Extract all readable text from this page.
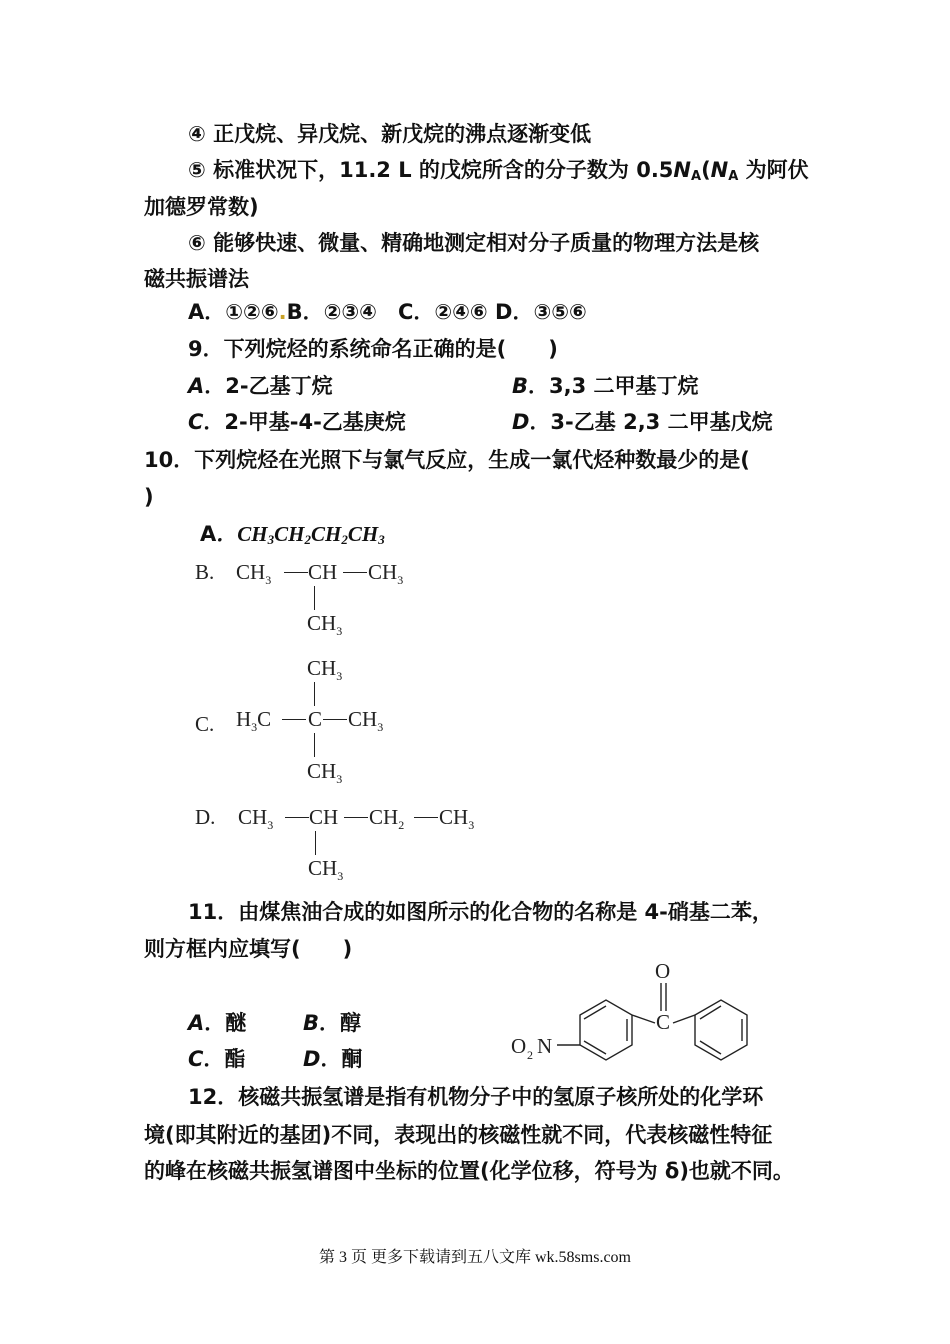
④ 正戊烷、异戊烷、新戊烷的沸点逐渐变低
⑤ 标准状况下，11.2 L 的戊烷所含的分子数为 $0.5N_A(N_A$ 为阿伏
加德罗常数)
⑥ 能够快速、微量、精确地测定相对分子质量的物理方法是核
磁共振谱法
A．①②⑥.B．②③④　 C．②④⑥ D．③⑤⑥
9．下列烷烃的系统命名正确的是(　　)
A．2-乙基丁烷	B．3,3 二甲基丁烷
C．2-甲基-4-乙基庚烷	D．3-乙基 2,3 二甲基戊烷
10．下列烷烃在光照下与氯气反应，生成一氯代烃种数最少的是(
)
A．$CH_3CH_2CH_2CH_3$
B. $CH_3$ CH $CH_3$
$CH_3$
$CH_3$
C. $H_3C$ C $CH_3$
$CH_3$
D. $CH_3$ CH $CH_2$ $CH_3$
$CH_3$
11．由煤焦油合成的如图所示的化合物的名称是 4-硝基二苯，
则方框内应填写(　　)
A．醚	B．醇
C．酯	D．酮
O
C
O 2 N
12．核磁共振氢谱是指有机物分子中的氢原子核所处的化学环
境(即其附近的基团)不同，表现出的核磁性就不同，代表核磁性特征
的峰在核磁共振氢谱图中坐标的位置(化学位移，符号为 δ)也就不同。
第 3 页 更多下载请到五八文库 wk.58sms.com
